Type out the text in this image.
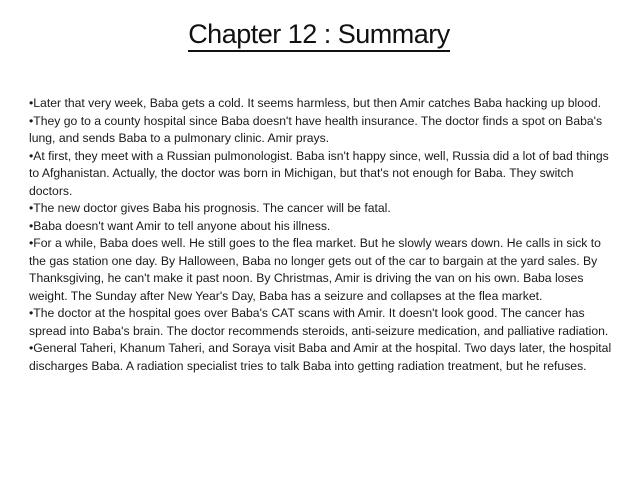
Chapter 12 : Summary
•Later that very week, Baba gets a cold. It seems harmless, but then Amir catches Baba hacking up blood.
•They go to a county hospital since Baba doesn't have health insurance. The doctor finds a spot on Baba's lung, and sends Baba to a pulmonary clinic. Amir prays.
•At first, they meet with a Russian pulmonologist. Baba isn't happy since, well, Russia did a lot of bad things to Afghanistan. Actually, the doctor was born in Michigan, but that's not enough for Baba. They switch doctors.
•The new doctor gives Baba his prognosis. The cancer will be fatal.
•Baba doesn't want Amir to tell anyone about his illness.
•For a while, Baba does well. He still goes to the flea market. But he slowly wears down. He calls in sick to the gas station one day. By Halloween, Baba no longer gets out of the car to bargain at the yard sales. By Thanksgiving, he can't make it past noon. By Christmas, Amir is driving the van on his own. Baba loses weight. The Sunday after New Year's Day, Baba has a seizure and collapses at the flea market.
•The doctor at the hospital goes over Baba's CAT scans with Amir. It doesn't look good. The cancer has spread into Baba's brain. The doctor recommends steroids, anti-seizure medication, and palliative radiation.
•General Taheri, Khanum Taheri, and Soraya visit Baba and Amir at the hospital. Two days later, the hospital discharges Baba. A radiation specialist tries to talk Baba into getting radiation treatment, but he refuses.
